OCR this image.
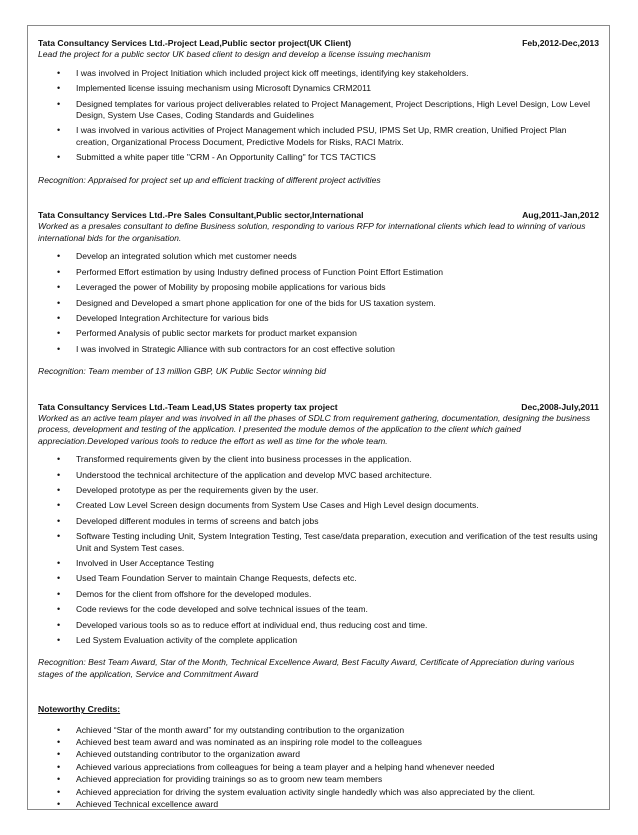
Tata Consultancy Services Ltd.-Project Lead,Public sector project(UK Client)	Feb,2012-Dec,2013
Lead the project for a public sector UK based client to design and develop a license issuing mechanism
• I was involved in Project Initiation which included project kick off meetings, identifying key stakeholders.
• Implemented license issuing mechanism using Microsoft Dynamics CRM2011
• Designed templates for various project deliverables related to Project Management, Project Descriptions, High Level Design, Low Level Design, System Use Cases, Coding Standards and Guidelines
• I was involved in various activities of Project Management which included PSU, IPMS Set Up, RMR creation, Unified Project Plan creation, Organizational Process Document, Predictive Models for Risks, RACI Matrix.
• Submitted a white paper title "CRM - An Opportunity Calling" for TCS TACTICS
Recognition: Appraised for project set up and efficient tracking of different project activities
Tata Consultancy Services Ltd.-Pre Sales Consultant,Public sector,International	Aug,2011-Jan,2012
Worked as a presales consultant to define Business solution, responding to various RFP for international clients which lead to winning of various international bids for the organisation.
• Develop an integrated solution which met customer needs
• Performed Effort estimation by using Industry defined process of Function Point Effort Estimation
• Leveraged the power of Mobility by proposing mobile applications for various bids
• Designed and Developed a smart phone application for one of the bids for US taxation system.
• Developed Integration Architecture for various bids
• Performed Analysis of public sector markets for product market expansion
• I was involved in Strategic Alliance with sub contractors for an cost effective solution
Recognition: Team member of 13 million GBP, UK Public Sector winning bid
Tata Consultancy Services Ltd.-Team Lead,US States property tax project	Dec,2008-July,2011
Worked as an active team player and was involved in all the phases of SDLC from requirement gathering, documentation, designing the business process, development and testing of the application. I presented the module demos of the application to the client which gained appreciation.Developed various tools to reduce the effort as well as time for the whole team.
• Transformed requirements given by the client into business processes in the application.
• Understood the technical architecture of the application and develop MVC based architecture.
• Developed prototype as per the requirements given by the user.
• Created Low Level Screen design documents from System Use Cases and High Level design documents.
• Developed different modules in terms of screens and batch jobs
• Software Testing including Unit, System Integration Testing, Test case/data preparation, execution and verification of the test results using Unit and System Test cases.
• Involved in User Acceptance Testing
• Used Team Foundation Server to maintain Change Requests, defects etc.
• Demos for the client from offshore for the developed modules.
• Code reviews for the code developed and solve technical issues of the team.
• Developed various tools so as to reduce effort at individual end, thus reducing cost and time.
• Led System Evaluation activity of the complete application
Recognition: Best Team Award, Star of the Month, Technical Excellence Award, Best Faculty Award, Certificate of Appreciation during various stages of the application, Service and Commitment Award
Noteworthy Credits:
• Achieved “Star of the month award” for my outstanding contribution to the organization
• Achieved best team award and was nominated as an inspiring role model to the colleagues
• Achieved outstanding contributor to the organization award
• Achieved various appreciations from colleagues for being a team player and a helping hand whenever needed
• Achieved appreciation for providing trainings so as to groom new team members
• Achieved appreciation for driving the system evaluation activity single handedly which was also appreciated by the client.
• Achieved Technical excellence award
